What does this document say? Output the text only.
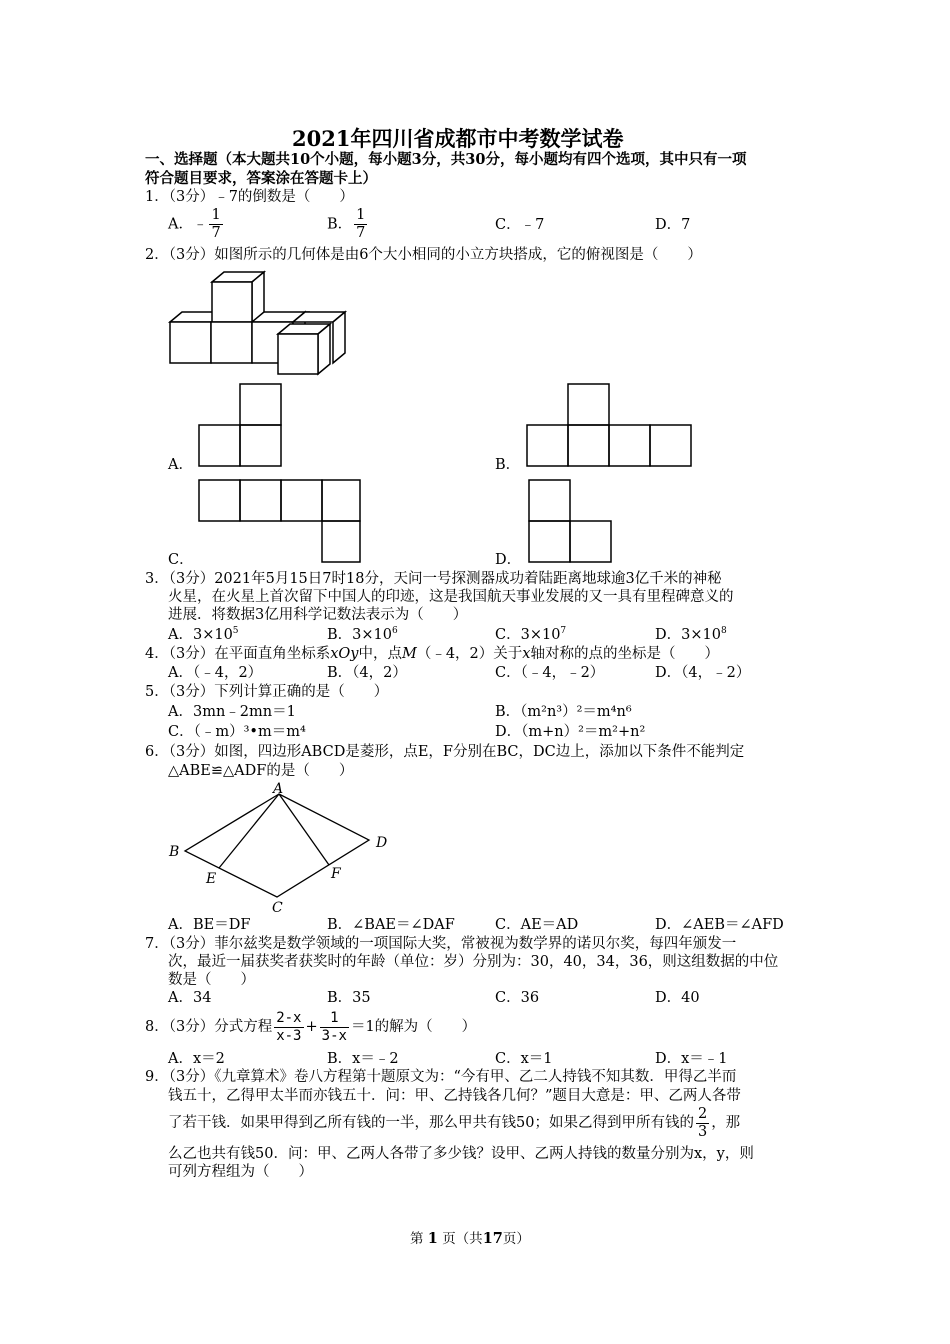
2021年四川省成都市中考数学试卷
一、选择题（本大题共10个小题，每小题3分，共30分，每小题均有四个选项，其中只有一项
符合题目要求，答案涂在答题卡上）
1．（3分）﹣7的倒数是（　　）
A．﹣ $\frac{1}{7}$	B． $\frac{1}{7}$	C．﹣7	D．7
2．（3分）如图所示的几何体是由6个大小相同的小立方块搭成，它的俯视图是（　　）
A．	B．
C．	D．
3．（3分）2021年5月15日7时18分，天问一号探测器成功着陆距离地球逾3亿千米的神秘
火星，在火星上首次留下中国人的印迹，这是我国航天事业发展的又一具有里程碑意义的
进展．将数据3亿用科学记数法表示为（　　）
A．$3\times 10^5$	B．$3\times 10^6$	C．$3\times 10^7$	D．$3\times 10^8$
4．（3分）在平面直角坐标系xOy中，点M（﹣4，2）关于x轴对称的点的坐标是（　　）
A．（﹣4，2）	B．（4，2）	C．（﹣4，﹣2）	D．（4，﹣2）
5．（3分）下列计算正确的是（　　）
A．3mn﹣2mn＝1	B．（m²n³）²＝m⁴n⁶
C．（﹣m）³•m＝m⁴	D．（m+n）²＝m²+n²
6．（3分）如图，四边形ABCD是菱形，点E，F分别在BC，DC边上，添加以下条件不能判定
△ABE≌△ADF的是（　　）
A
B
C
D
E	F
A．BE＝DF	B．∠BAE＝∠DAF	C．AE＝AD	D．∠AEB＝∠AFD
7．（3分）菲尔兹奖是数学领域的一项国际大奖，常被视为数学界的诺贝尔奖，每四年颁发一
次，最近一届获奖者获奖时的年龄（单位：岁）分别为：30，40，34，36，则这组数据的中位
数是（　　）
A．34	B．35	C．36	D．40
8．（3分）分式方程 $\frac{2-x}{x-3} + \frac{1}{3-x} =1$的解为（　　）
A．x＝2	B．x＝﹣2	C．x＝1	D．x＝﹣1
9．（3分）《九章算术》卷八方程第十题原文为：“今有甲、乙二人持钱不知其数．甲得乙半而
钱五十，乙得甲太半而亦钱五十．问：甲、乙持钱各几何？”题目大意是：甲、乙两人各带
了若干钱．如果甲得到乙所有钱的一半，那么甲共有钱50；如果乙得到甲所有钱的 $\frac{2}{3}$ ，那
么乙也共有钱50．问：甲、乙两人各带了多少钱？设甲、乙两人持钱的数量分别为x，y，则
可列方程组为（　　）
第 1 页（共17页）
